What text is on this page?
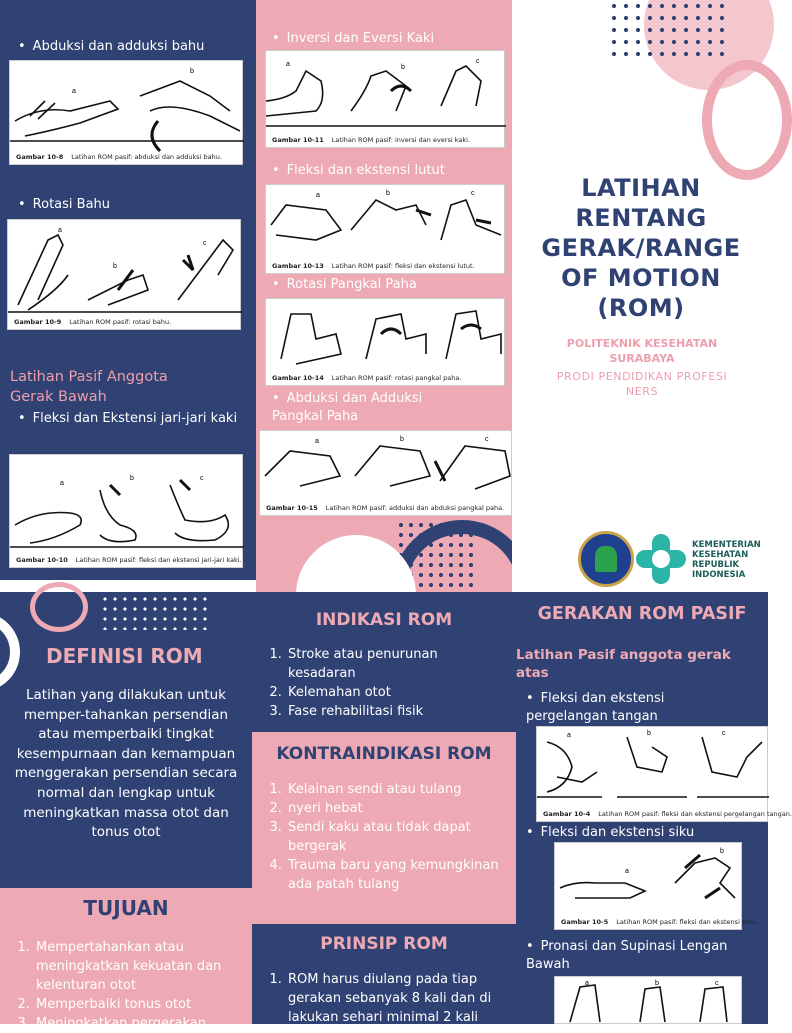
• Abduksi dan adduksi bahu
a
b
Gambar 10-8 Latihan ROM pasif: abduksi dan adduksi bahu.
• Rotasi Bahu
a
b
c
Gambar 10-9 Latihan ROM pasif: rotasi bahu.
Latihan Pasif Anggota Gerak Bawah
• Fleksi dan Ekstensi jari-jari kaki
a
b	c
Gambar 10-10 Latihan ROM pasif: fleksi dan ekstensi jari-jari kaki.
• Inversi dan Eversi Kaki
a	b
c
Gambar 10-11 Latihan ROM pasif: inversi dan eversi kaki.
• Fleksi dan ekstensi lutut
a	b	c
Gambar 10-13 Latihan ROM pasif: fleksi dan ekstensi lutut.
• Rotasi Pangkal Paha
Gambar 10-14 Latihan ROM pasif: rotasi pangkal paha.
• Abduksi dan Adduksi Pangkal Paha
a	b	c
Gambar 10-15 Latihan ROM pasif: adduksi dan abduksi pangkal paha.
LATIHAN RENTANG GERAK/RANGE OF MOTION (ROM)
POLITEKNIK KESEHATAN
SURABAYA
PRODI PENDIDIKAN PROFESI
NERS
KEMENTERIAN KESEHATAN REPUBLIK INDONESIA
DEFINISI ROM
Latihan yang dilakukan untuk memper-tahankan persendian atau memperbaiki tingkat kesempurnaan dan kemampuan menggerakan persendian secara normal dan lengkap untuk meningkatkan massa otot dan tonus otot
TUJUAN
1. Mempertahankan atau meningkatkan kekuatan dan kelenturan otot
2. Memperbaiki tonus otot
3. Meningkatkan pergerakan
INDIKASI ROM
1. Stroke atau penurunan kesadaran
2. Kelemahan otot
3. Fase rehabilitasi fisik
KONTRAINDIKASI ROM
1. Kelainan sendi atau tulang
2. nyeri hebat
3. Sendi kaku atau tidak dapat bergerak
4. Trauma baru yang kemungkinan ada patah tulang
PRINSIP ROM
1. ROM harus diulang pada tiap gerakan sebanyak 8 kali dan di lakukan sehari minimal 2 kali
GERAKAN ROM PASIF
Latihan Pasif anggota gerak atas
• Fleksi dan ekstensi pergelangan tangan
a	b	c
Gambar 10-4 Latihan ROM pasif: fleksi dan ekstensi pergelangan tangan.
• Fleksi dan ekstensi siku
a
b
Gambar 10-5 Latihan ROM pasif: fleksi dan ekstensi siku.
• Pronasi dan Supinasi Lengan Bawah
a	b	c
